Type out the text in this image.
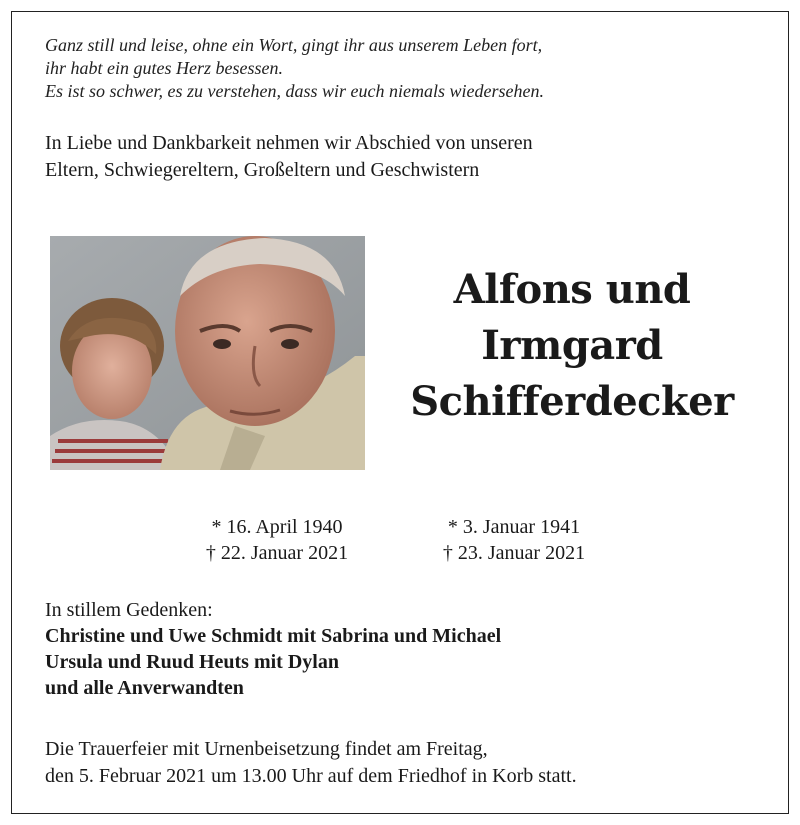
Ganz still und leise, ohne ein Wort, gingt ihr aus unserem Leben fort,
ihr habt ein gutes Herz besessen.
Es ist so schwer, es zu verstehen, dass wir euch niemals wiedersehen.
In Liebe und Dankbarkeit nehmen wir Abschied von unseren
Eltern, Schwiegereltern, Großeltern und Geschwistern
Alfons und
Irmgard
Schifferdecker
* 16. April 1940
† 22. Januar 2021
* 3. Januar 1941
† 23. Januar 2021
In stillem Gedenken:
Christine und Uwe Schmidt mit Sabrina und Michael
Ursula und Ruud Heuts mit Dylan
und alle Anverwandten
Die Trauerfeier mit Urnenbeisetzung findet am Freitag,
den 5. Februar 2021 um 13.00 Uhr auf dem Friedhof in Korb statt.
